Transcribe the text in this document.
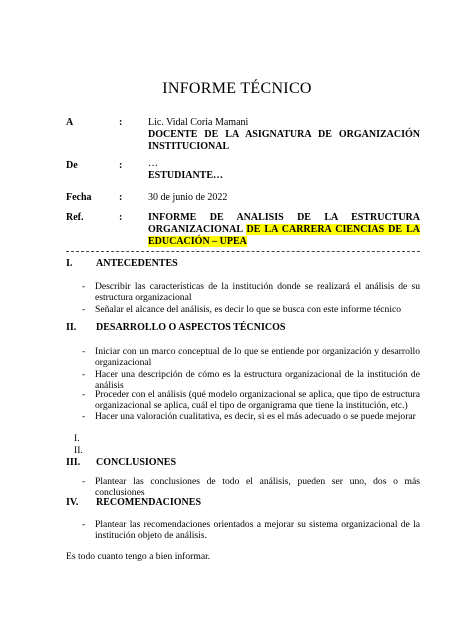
INFORME TÉCNICO
A	:	Lic. Vidal Coria Mamani
DOCENTE DE LA ASIGNATURA DE ORGANIZACIÓN INSTITUCIONAL
De	:	…
ESTUDIANTE…
Fecha	:	30 de junio de 2022
Ref.	:	INFORME DE ANALISIS DE LA ESTRUCTURA ORGANIZACIONAL DE LA CARRERA CIENCIAS DE LA EDUCACIÓN – UPEA
I. ANTECEDENTES
- Describir las características de la institución donde se realizará el análisis de su estructura organizacional
- Señalar el alcance del análisis, es decir lo que se busca con este informe técnico
II. DESARROLLO O ASPECTOS TÉCNICOS
- Iniciar con un marco conceptual de lo que se entiende por organización y desarrollo organizacional
- Hacer una descripción de cómo es la estructura organizacional de la institución de análisis
- Proceder con el análisis (qué modelo organizacional se aplica, que tipo de estructura organizacional se aplica, cuál el tipo de organigrama que tiene la institución, etc.)
- Hacer una valoración cualitativa, es decir, si es el más adecuado o se puede mejorar
I.
II.
III. CONCLUSIONES
- Plantear las conclusiones de todo el análisis, pueden ser uno, dos o más conclusiones
IV. RECOMENDACIONES
- Plantear las recomendaciones orientados a mejorar su sistema organizacional de la institución objeto de análisis.
Es todo cuanto tengo a bien informar.
